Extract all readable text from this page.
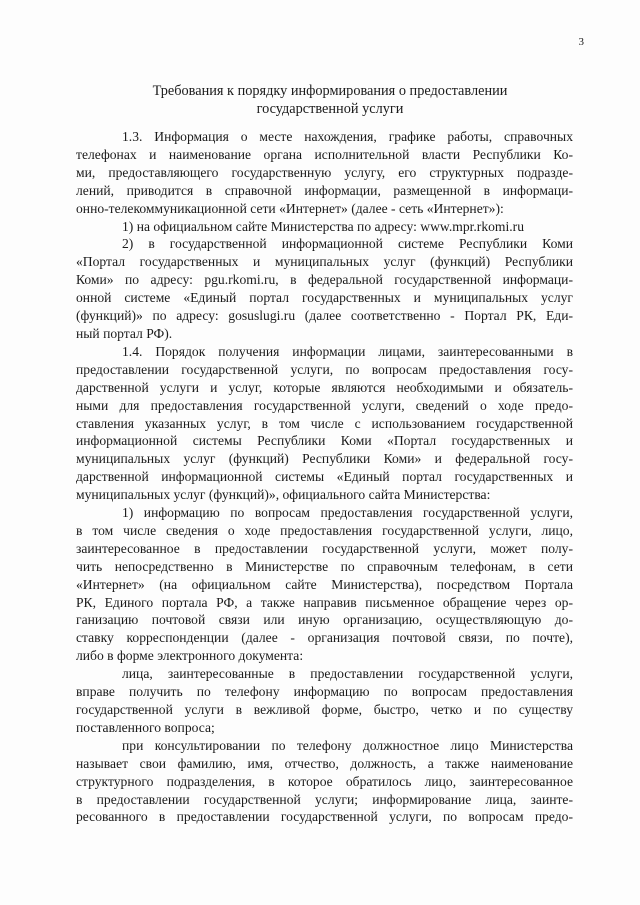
3
Требования к порядку информирования о предоставлении
государственной услуги

1.3. Информация о месте нахождения, графике работы, справочных
телефонах и наименование органа исполнительной власти Республики Ко-
ми, предоставляющего государственную услугу, его структурных подразде-
лений, приводится в справочной информации, размещенной в информаци-
онно-телекоммуникационной сети «Интернет» (далее - сеть «Интернет»):

1) на официальном сайте Министерства по адресу: www.mpr.rkomi.ru

2) в государственной информационной системе Республики Коми
«Портал государственных и муниципальных услуг (функций) Республики
Коми» по адресу: pgu.rkomi.ru, в федеральной государственной информаци-
онной системе «Единый портал государственных и муниципальных услуг
(функций)» по адресу: gosuslugi.ru (далее соответственно - Портал РК, Еди-
ный портал РФ).

1.4. Порядок получения информации лицами, заинтересованными в
предоставлении государственной услуги, по вопросам предоставления госу-
дарственной услуги и услуг, которые являются необходимыми и обязатель-
ными для предоставления государственной услуги, сведений о ходе предо-
ставления указанных услуг, в том числе с использованием государственной
информационной системы Республики Коми «Портал государственных и
муниципальных услуг (функций) Республики Коми» и федеральной госу-
дарственной информационной системы «Единый портал государственных и
муниципальных услуг (функций)», официального сайта Министерства:

1) информацию по вопросам предоставления государственной услуги,
в том числе сведения о ходе предоставления государственной услуги, лицо,
заинтересованное в предоставлении государственной услуги, может полу-
чить непосредственно в Министерстве по справочным телефонам, в сети
«Интернет» (на официальном сайте Министерства), посредством Портала
РК, Единого портала РФ, а также направив письменное обращение через ор-
ганизацию почтовой связи или иную организацию, осуществляющую до-
ставку корреспонденции (далее - организация почтовой связи, по почте),
либо в форме электронного документа:

лица, заинтересованные в предоставлении государственной услуги,
вправе получить по телефону информацию по вопросам предоставления
государственной услуги в вежливой форме, быстро, четко и по существу
поставленного вопроса;

при консультировании по телефону должностное лицо Министерства
называет свои фамилию, имя, отчество, должность, а также наименование
структурного подразделения, в которое обратилось лицо, заинтересованное
в предоставлении государственной услуги; информирование лица, заинте-
ресованного в предоставлении государственной услуги, по вопросам предо-
